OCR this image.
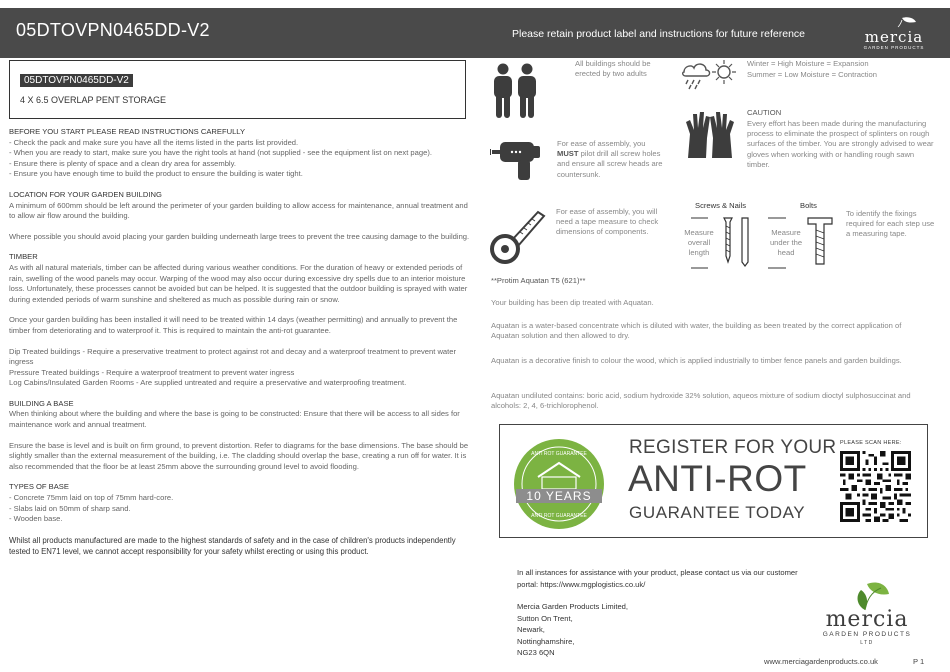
05DTOVPN0465DD-V2	Please retain product label and instructions for future reference	mercia
GARDEN PRODUCTS
05DTOVPN0465DD-V2
4 X 6.5 OVERLAP PENT STORAGE
BEFORE YOU START PLEASE READ INSTRUCTIONS CAREFULLY
- Check the pack and make sure you have all the items listed in the parts list provided.
- When you are ready to start, make sure you have the right tools at hand (not supplied - see the equipment list on next page).
- Ensure there is plenty of space and a clean dry area for assembly.
- Ensure you have enough time to build the product to ensure the building is water tight.
LOCATION FOR YOUR GARDEN BUILDING
A minimum of 600mm should be left around the perimeter of your garden building to allow access for maintenance, annual treatment and to allow air flow around the building.
Where possible you should avoid placing your garden building underneath large trees to prevent the tree causing damage to the building.
TIMBER
As with all natural materials, timber can be affected during various weather conditions. For the duration of heavy or extended periods of rain, swelling of the wood panels may occur. Warping of the wood may also occur during excessive dry spells due to an interior moisture loss. Unfortunately, these processes cannot be avoided but can be helped. It is suggested that the outdoor building is sprayed with water during extended periods of warm sunshine and sheltered as much as possible during rain or snow.
Once your garden building has been installed it will need to be treated within 14 days (weather permitting) and annually to prevent the timber from deteriorating and to waterproof it. This is required to maintain the anti-rot guarantee.
Dip Treated buildings - Require a preservative treatment to protect against rot and decay and a waterproof treatment to prevent water ingress
Pressure Treated buildings - Require a waterproof treatment to prevent water ingress
Log Cabins/Insulated Garden Rooms - Are supplied untreated and require a preservative and waterproofing treatment.
BUILDING A BASE
When thinking about where the building and where the base is going to be constructed: Ensure that there will be access to all sides for maintenance work and annual treatment.
Ensure the base is level and is built on firm ground, to prevent distortion. Refer to diagrams for the base dimensions. The base should be slightly smaller than the external measurement of the building, i.e. The cladding should overlap the base, creating a run off for water. It is also recommended that the floor be at least 25mm above the surrounding ground level to avoid flooding.
TYPES OF BASE
- Concrete 75mm laid on top of 75mm hard-core.
- Slabs laid on 50mm of sharp sand.
- Wooden base.
Whilst all products manufactured are made to the highest standards of safety and in the case of children's products independently tested to EN71 level, we cannot accept responsibility for your safety whilst erecting or using this product.
All buildings should be erected by two adults
Winter = High Moisture = Expansion
Summer = Low Moisture = Contraction
For ease of assembly, you MUST pilot drill all screw holes and ensure all screw heads are countersunk.
CAUTION
Every effort has been made during the manufacturing process to eliminate the prospect of splinters on rough surfaces of the timber. You are strongly advised to wear gloves when working with or handling rough sawn timber.
For ease of assembly, you will need a tape measure to check dimensions of components.
Screws & Nails	Bolts
Measure overall length
Measure under the head
To identify the fixings required for each step use a measuring tape.
**Protim Aquatan T5 (621)**
Your building has been dip treated with Aquatan.
Aquatan is a water-based concentrate which is diluted with water, the building as been treated by the correct application of Aquatan solution and then allowed to dry.
Aquatan is a decorative finish to colour the wood, which is applied industrially to timber fence panels and garden buildings.
Aquatan undiluted contains: boric acid, sodium hydroxide 32% solution, aqueos mixture of sodium dioctyl sulphosuccinat and alcohols: 2, 4, 6-trichlorophenol.
10 YEARS
ANTI ROT GUARANTEE
ANTI ROT GUARANTEE
REGISTER FOR YOUR
ANTI-ROT
GUARANTEE TODAY
PLEASE SCAN HERE:
In all instances for assistance with your product, please contact us via our customer
portal: https://www.mgplogistics.co.uk/
Mercia Garden Products Limited,
Sutton On Trent,
Newark,
Nottinghamshire,
NG23 6QN
mercia
GARDEN PRODUCTS
LTD
www.merciagardenproducts.co.uk	P 1
